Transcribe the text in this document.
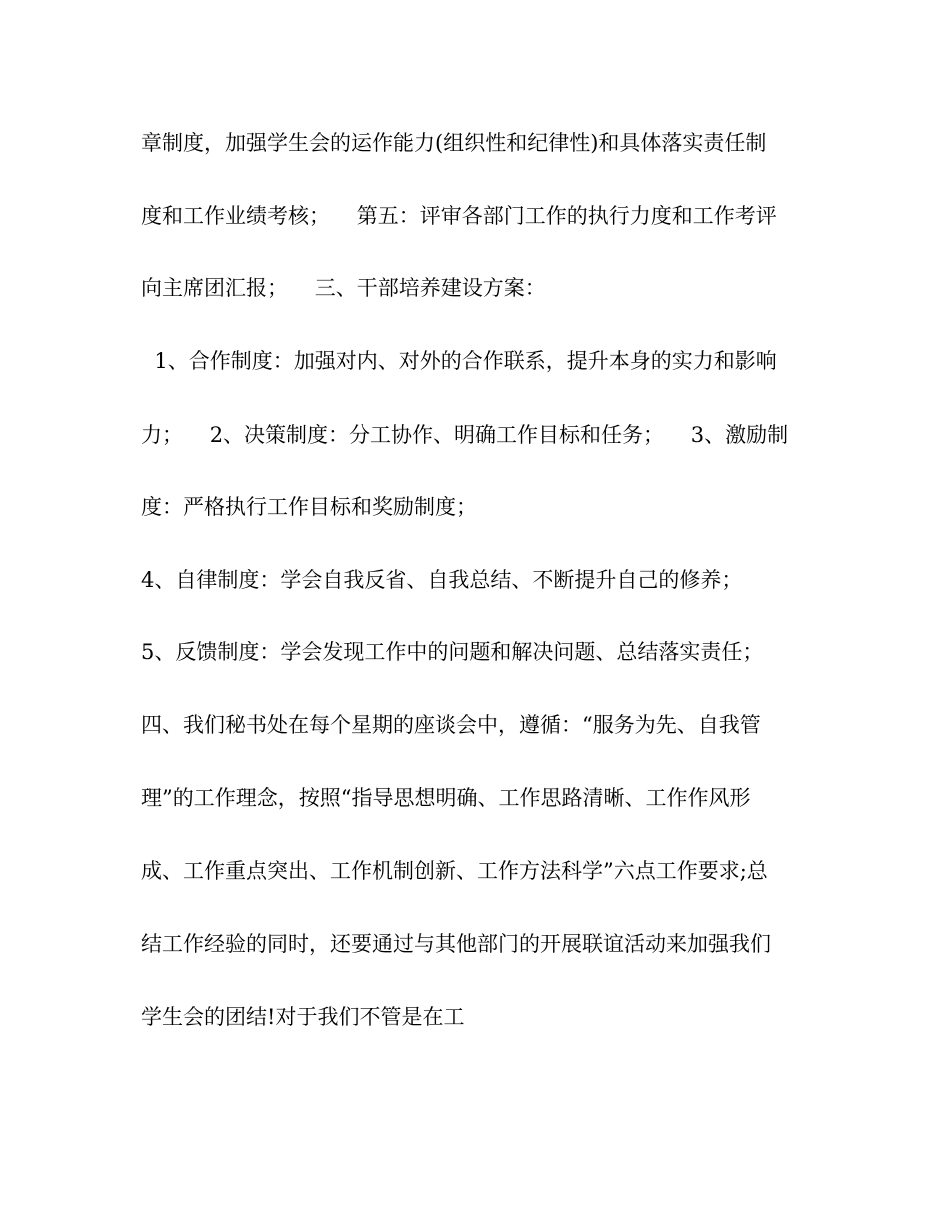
章制度，加强学生会的运作能力(组织性和纪律性)和具体落实责任制
度和工作业绩考核；    第五：评审各部门工作的执行力度和工作考评
向主席团汇报；    三、干部培养建设方案：
1、合作制度：加强对内、对外的合作联系，提升本身的实力和影响
力；    2、决策制度：分工协作、明确工作目标和任务；    3、激励制
度：严格执行工作目标和奖励制度；
4、自律制度：学会自我反省、自我总结、不断提升自己的修养；
5、反馈制度：学会发现工作中的问题和解决问题、总结落实责任；
四、我们秘书处在每个星期的座谈会中，遵循：“服务为先、自我管
理”的工作理念，按照“指导思想明确、工作思路清晰、工作作风形
成、工作重点突出、工作机制创新、工作方法科学”六点工作要求;总
结工作经验的同时，还要通过与其他部门的开展联谊活动来加强我们
学生会的团结!对于我们不管是在工
